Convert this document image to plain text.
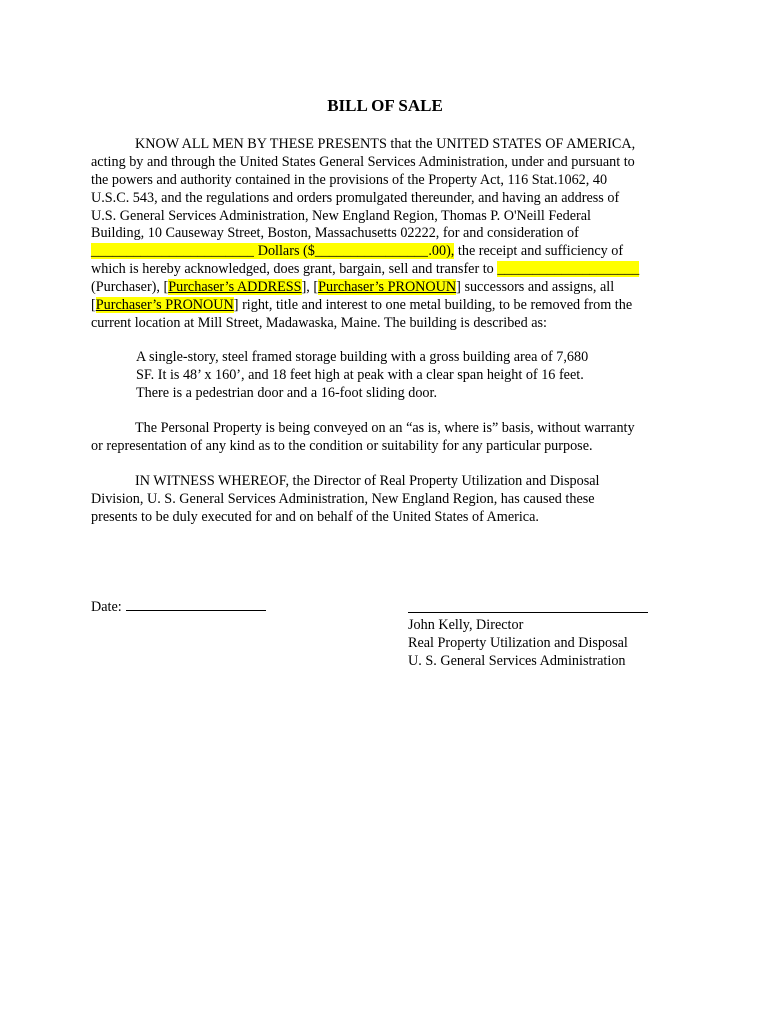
BILL OF SALE
KNOW ALL MEN BY THESE PRESENTS that the UNITED STATES OF AMERICA,
acting by and through the United States General Services Administration, under and pursuant to
the powers and authority contained in the provisions of the Property Act, 116 Stat.1062, 40
U.S.C. 543, and the regulations and orders promulgated thereunder, and having an address of
U.S. General Services Administration, New England Region, Thomas P. O'Neill Federal
Building, 10 Causeway Street, Boston, Massachusetts 02222, for and consideration of
_______________________ Dollars ($________________.00), the receipt and sufficiency of
which is hereby acknowledged, does grant, bargain, sell and transfer to ____________________
(Purchaser), [Purchaser’s ADDRESS], [Purchaser’s PRONOUN] successors and assigns, all
[Purchaser’s PRONOUN] right, title and interest to one metal building, to be removed from the
current location at Mill Street, Madawaska, Maine. The building is described as:
A single-story, steel framed storage building with a gross building area of 7,680
SF. It is 48’ x 160’, and 18 feet high at peak with a clear span height of 16 feet.
There is a pedestrian door and a 16-foot sliding door.
The Personal Property is being conveyed on an “as is, where is” basis, without warranty
or representation of any kind as to the condition or suitability for any particular purpose.
IN WITNESS WHEREOF, the Director of Real Property Utilization and Disposal
Division, U. S. General Services Administration, New England Region, has caused these
presents to be duly executed for and on behalf of the United States of America.
Date:
John Kelly, Director
Real Property Utilization and Disposal
U. S. General Services Administration
